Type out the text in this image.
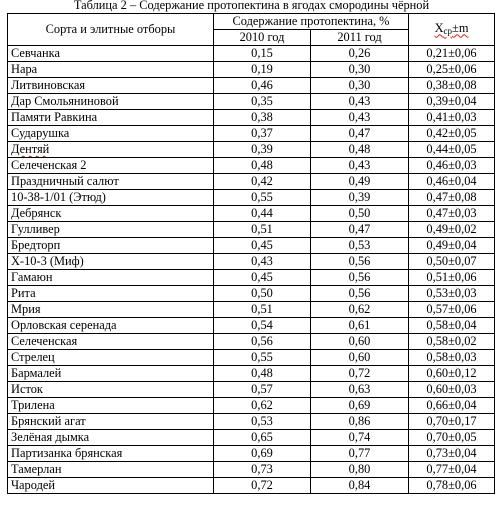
Таблица 2 – Содержание протопектина в ягодах смородины чёрной
Сорта и элитные отборы	Содержание протопектина, %		Xср±m
	2010 год	2011 год	
Севчанка	0,15	0,26	0,21±0,06
Нара	0,19	0,30	0,25±0,06
Литвиновская	0,46	0,30	0,38±0,08
Дар Смольяниновой	0,35	0,43	0,39±0,04
Памяти Равкина	0,38	0,43	0,41±0,03
Сударушка	0,37	0,47	0,42±0,05
Дентяй	0,39	0,48	0,44±0,05
Селеченская 2	0,48	0,43	0,46±0,03
Праздничный салют	0,42	0,49	0,46±0,04
10-38-1/01 (Этюд)	0,55	0,39	0,47±0,08
Дебрянск	0,44	0,50	0,47±0,03
Гулливер	0,51	0,47	0,49±0,02
Бредторп	0,45	0,53	0,49±0,04
Х-10-3 (Миф)	0,43	0,56	0,50±0,07
Гамаюн	0,45	0,56	0,51±0,06
Рита	0,50	0,56	0,53±0,03
Мрия	0,51	0,62	0,57±0,06
Орловская серенада	0,54	0,61	0,58±0,04
Селеченская	0,56	0,60	0,58±0,02
Стрелец	0,55	0,60	0,58±0,03
Бармалей	0,48	0,72	0,60±0,12
Исток	0,57	0,63	0,60±0,03
Трилена	0,62	0,69	0,66±0,04
Брянский агат	0,53	0,86	0,70±0,17
Зелёная дымка	0,65	0,74	0,70±0,05
Партизанка брянская	0,69	0,77	0,73±0,04
Тамерлан	0,73	0,80	0,77±0,04
Чародей	0,72	0,84	0,78±0,06
